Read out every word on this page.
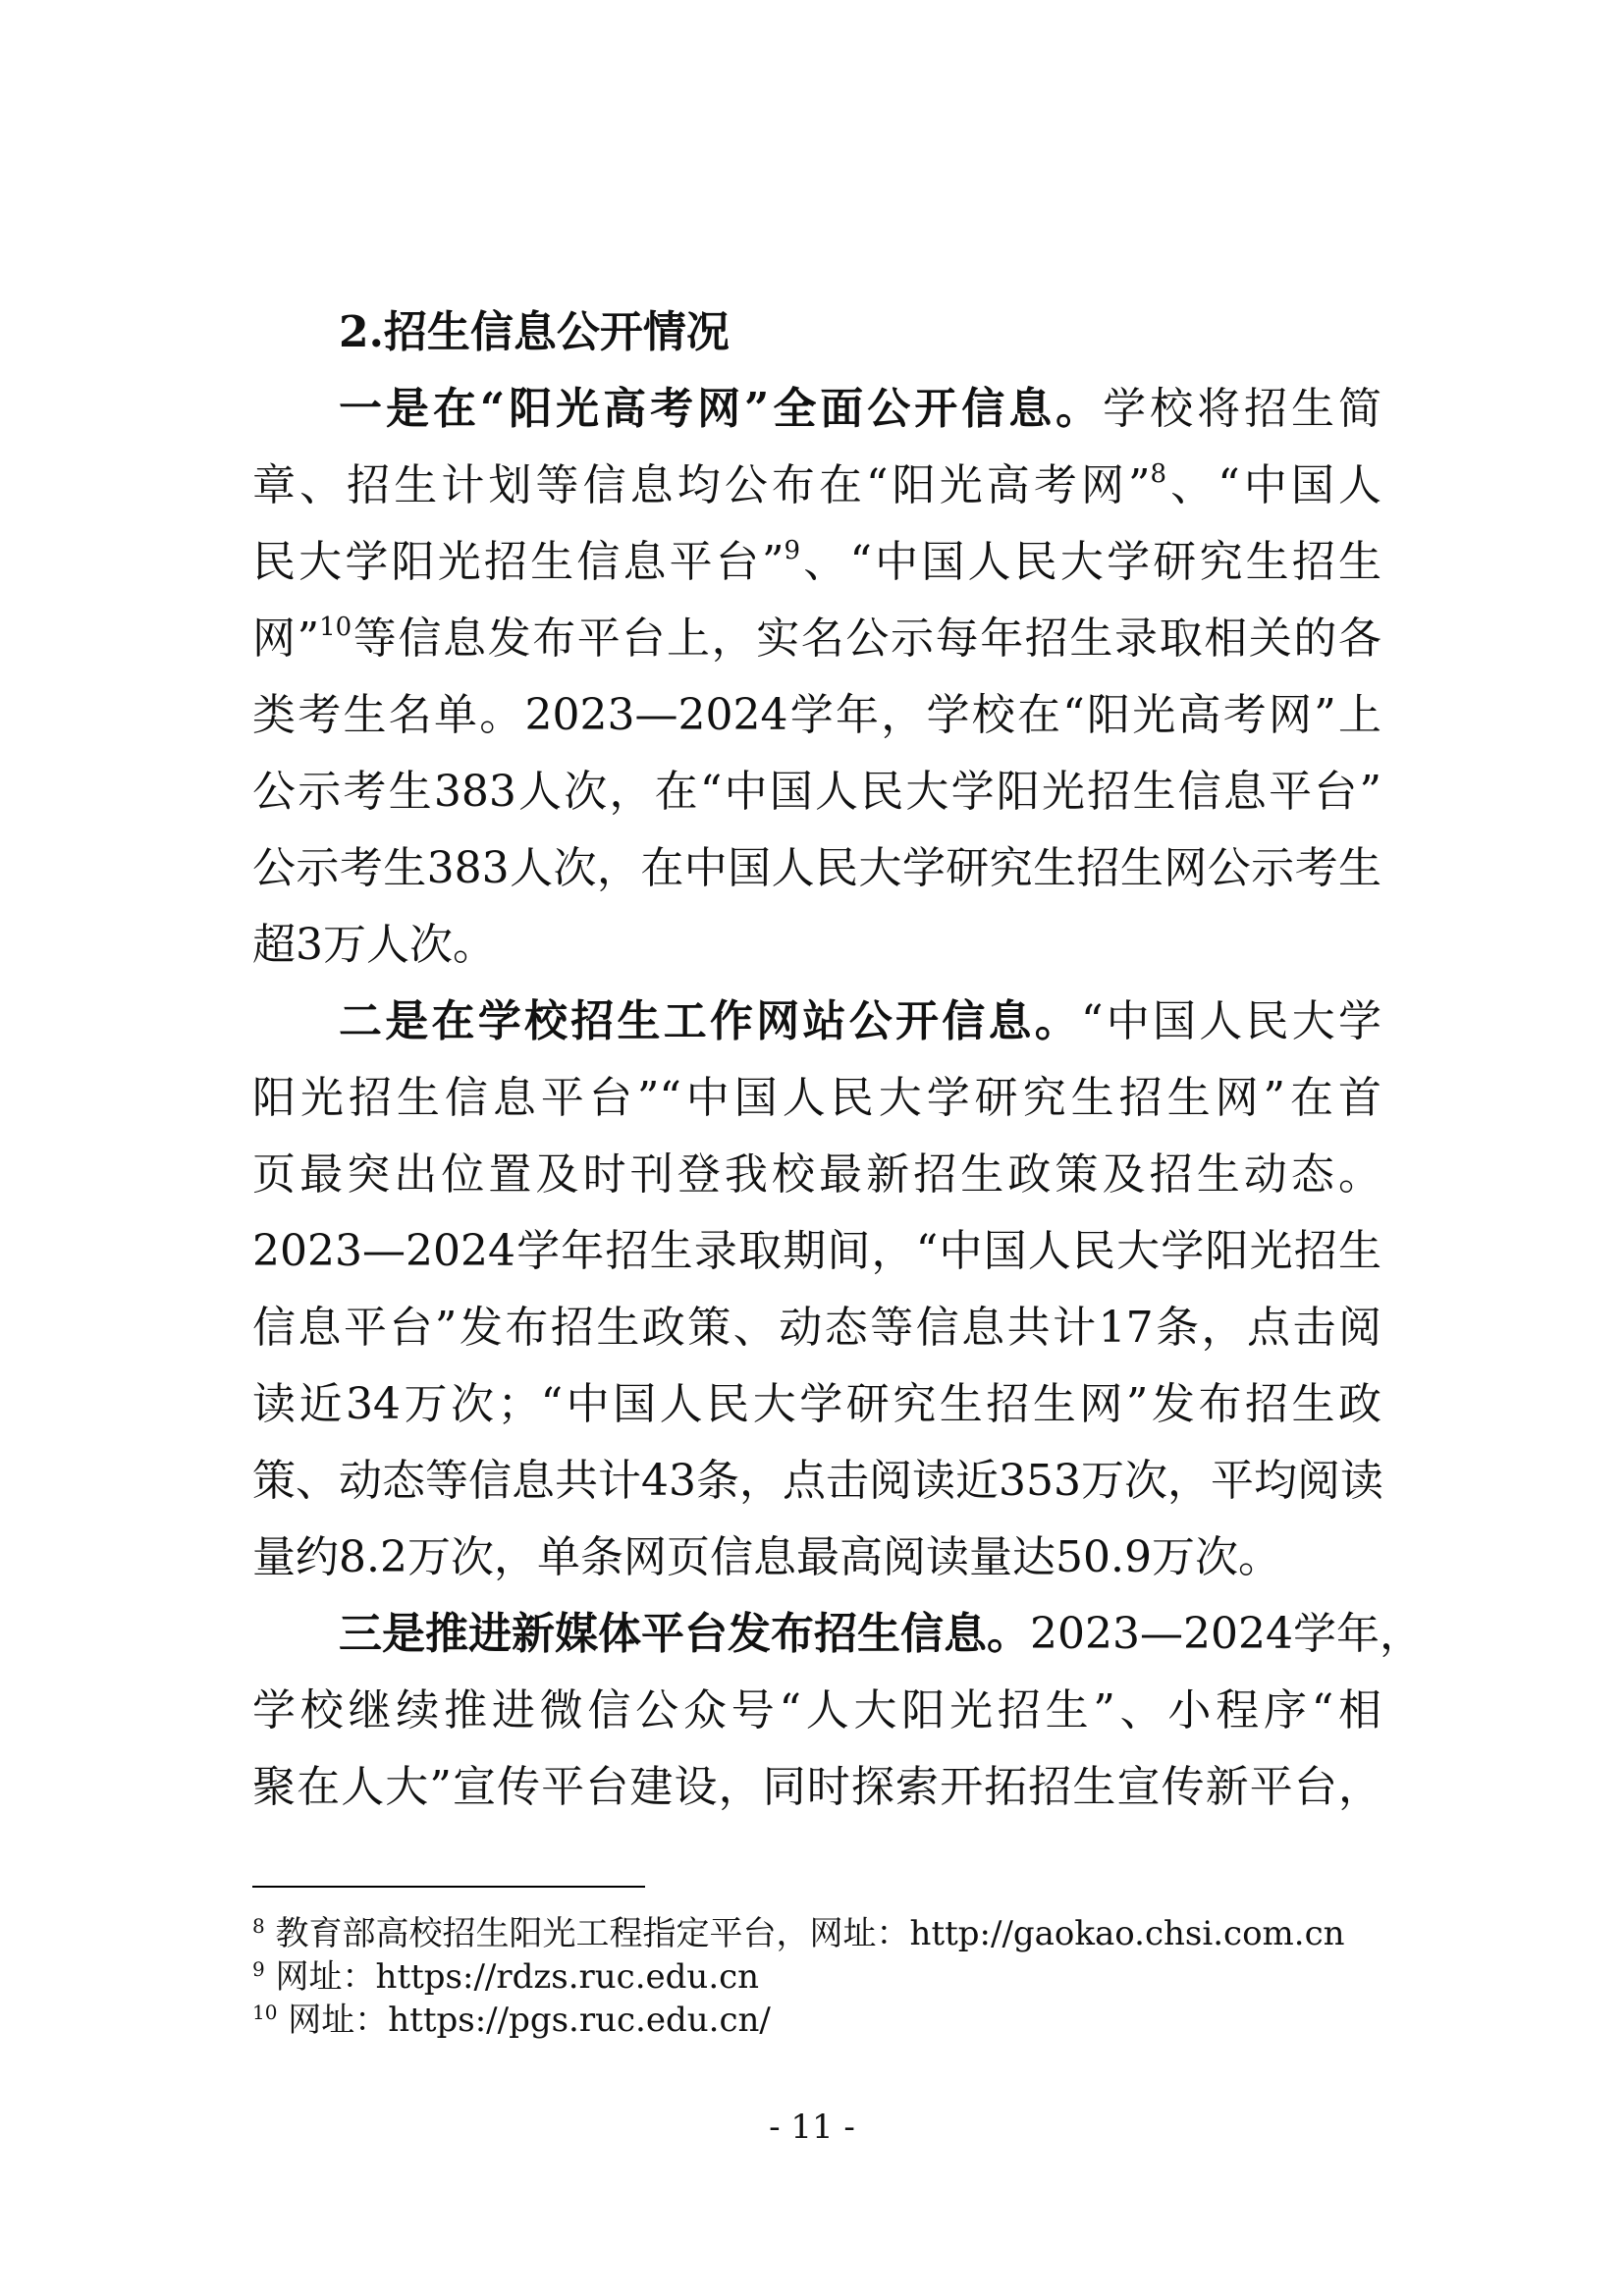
2.招生信息公开情况
一是在“阳光高考网”全面公开信息。学校将招生简
章、招生计划等信息均公布在“阳光高考网”$^8$、“中国人
民大学阳光招生信息平台”$^9$、“中国人民大学研究生招生
网”$^{10}$等信息发布平台上，实名公示每年招生录取相关的各
类考生名单。2023—2024学年，学校在“阳光高考网”上
公示考生383人次，在“中国人民大学阳光招生信息平台”
公示考生383人次，在中国人民大学研究生招生网公示考生
超3万人次。
二是在学校招生工作网站公开信息。“中国人民大学
阳光招生信息平台”“中国人民大学研究生招生网”在首
页最突出位置及时刊登我校最新招生政策及招生动态。
2023—2024学年招生录取期间，“中国人民大学阳光招生
信息平台”发布招生政策、动态等信息共计17条，点击阅
读近34万次；“中国人民大学研究生招生网”发布招生政
策、动态等信息共计43条，点击阅读近353万次，平均阅读
量约8.2万次，单条网页信息最高阅读量达50.9万次。
三是推进新媒体平台发布招生信息。2023—2024学年，
学校继续推进微信公众号“人大阳光招生”、小程序“相
聚在人大”宣传平台建设，同时探索开拓招生宣传新平台，
$^8$ 教育部高校招生阳光工程指定平台，网址：http://gaokao.chsi.com.cn
$^9$ 网址：https://rdzs.ruc.edu.cn
$^{10}$ 网址：https://pgs.ruc.edu.cn/
- 11 -
